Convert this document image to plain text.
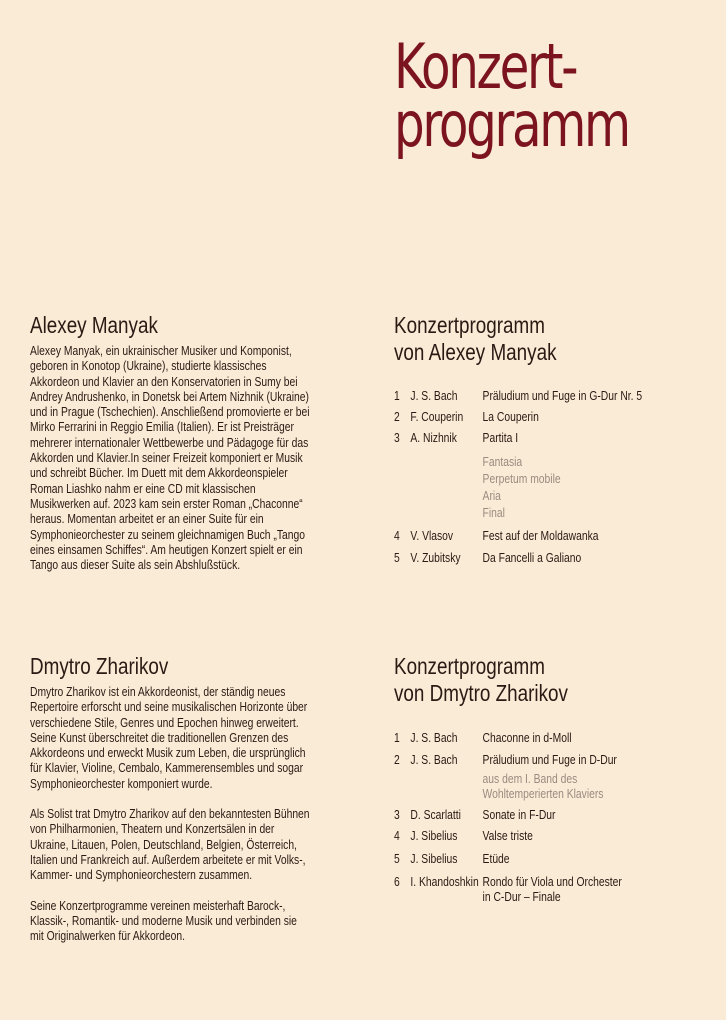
Konzert-
programm
Alexey Manyak

Alexey Manyak, ein ukrainischer Musiker und Komponist, geboren in Konotop (Ukraine), studierte klassisches Akkordeon und Klavier an den Konservatorien in Sumy bei Andrey Andrushenko, in Donetsk bei Artem Nizhnik (Ukraine) und in Prague (Tschechien). Anschließend promovierte er bei Mirko Ferrarini in Reggio Emilia (Italien). Er ist Preisträger mehrerer internationaler Wettbewerbe und Pädagoge für das Akkorden und Klavier.In seiner Freizeit komponiert er Musik und schreibt Bücher. Im Duett mit dem Akkordeonspieler Roman Liashko nahm er eine CD mit klassischen Musikwerken auf. 2023 kam sein erster Roman „Chaconne“ heraus. Momentan arbeitet er an einer Suite für ein Symphonieorchester zu seinem gleichnamigen Buch „Tango eines einsamen Schiffes“. Am heutigen Konzert spielt er ein Tango aus dieser Suite als sein Abshlußstück.

Konzertprogramm
von Alexey Manyak
1 J. S. Bach Präludium und Fuge in G-Dur Nr. 5
2 F. Couperin La Couperin
3 A. Nizhnik Partita I
Fantasia
Perpetum mobile
Aria
Final
4 V. Vlasov Fest auf der Moldawanka
5 V. Zubitsky Da Fancelli a Galiano
Dmytro Zharikov

Dmytro Zharikov ist ein Akkordeonist, der ständig neues Repertoire erforscht und seine musikalischen Horizonte über verschiedene Stile, Genres und Epochen hinweg erweitert. Seine Kunst überschreitet die traditionellen Grenzen des Akkordeons und erweckt Musik zum Leben, die ursprünglich für Klavier, Violine, Cembalo, Kammerensembles und sogar Symphonieorchester komponiert wurde.

Als Solist trat Dmytro Zharikov auf den bekanntesten Bühnen von Philharmonien, Theatern und Konzertsälen in der Ukraine, Litauen, Polen, Deutschland, Belgien, Österreich, Italien und Frankreich auf. Außerdem arbeitete er mit Volks-, Kammer- und Symphonieorchestern zusammen.

Seine Konzertprogramme vereinen meisterhaft Barock-, Klassik-, Romantik- und moderne Musik und verbinden sie mit Originalwerken für Akkordeon.

Konzertprogramm
von Dmytro Zharikov
1 J. S. Bach Chaconne in d-Moll
2 J. S. Bach Präludium und Fuge in D-Dur
aus dem I. Band des
Wohltemperierten Klaviers
3 D. Scarlatti Sonate in F-Dur
4 J. Sibelius Valse triste
5 J. Sibelius Etüde
6 I. Khandoshkin Rondo für Viola und Orchester
in C-Dur – Finale
